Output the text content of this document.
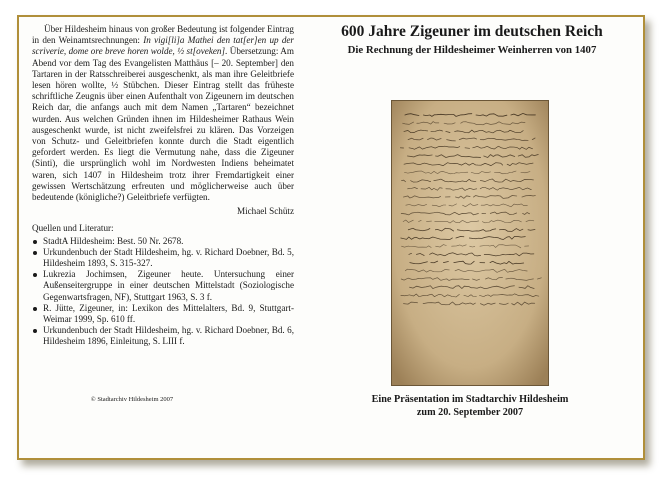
Über Hildesheim hinaus von großer Bedeutung ist folgender Eintrag in den Weinamtsrechnungen: In vigi[li]a Mathei den tat[er]en up der scriverie, dome ore breve horen wolde, ½ st[oveken]. Übersetzung: Am Abend vor dem Tag des Evangelisten Matthäus [– 20. September] den Tartaren in der Ratsschreiberei ausgeschenkt, als man ihre Geleitbriefe lesen hören wollte, ½ Stübchen. Dieser Eintrag stellt das früheste schriftliche Zeugnis über einen Aufenthalt von Zigeunern im deutschen Reich dar, die anfangs auch mit dem Namen „Tartaren“ bezeichnet wurden. Aus welchen Gründen ihnen im Hildesheimer Rathaus Wein ausgeschenkt wurde, ist nicht zweifelsfrei zu klären. Das Vorzeigen von Schutz- und Geleitbriefen konnte durch die Stadt eigentlich gefordert werden. Es liegt die Vermutung nahe, dass die Zigeuner (Sinti), die ursprünglich wohl im Nordwesten Indiens beheimatet waren, sich 1407 in Hildesheim trotz ihrer Fremdartigkeit einer gewissen Wertschätzung erfreuten und möglicherweise auch über bedeutende (königliche?) Geleitbriefe verfügten.

Michael Schütz
Quellen und Literatur:
StadtA Hildesheim: Best. 50 Nr. 2678.
Urkundenbuch der Stadt Hildesheim, hg. v. Richard Doebner, Bd. 5, Hildesheim 1893, S. 315-327.
Lukrezia Jochimsen, Zigeuner heute. Untersuchung einer Außenseitergruppe in einer deutschen Mittelstadt (Soziologische Gegenwartsfragen, NF), Stuttgart 1963, S. 3 f.
R. Jütte, Zigeuner, in: Lexikon des Mittelalters, Bd. 9, Stuttgart-Weimar 1999, Sp. 610 ff.
Urkundenbuch der Stadt Hildesheim, hg. v. Richard Doebner, Bd. 6, Hildesheim 1896, Einleitung, S. LIII f.
© Stadtarchiv Hildesheim 2007
600 Jahre Zigeuner im deutschen Reich
Die Rechnung der Hildesheimer Weinherren von 1407
Eine Präsentation im Stadtarchiv Hildesheim
zum 20. September 2007
